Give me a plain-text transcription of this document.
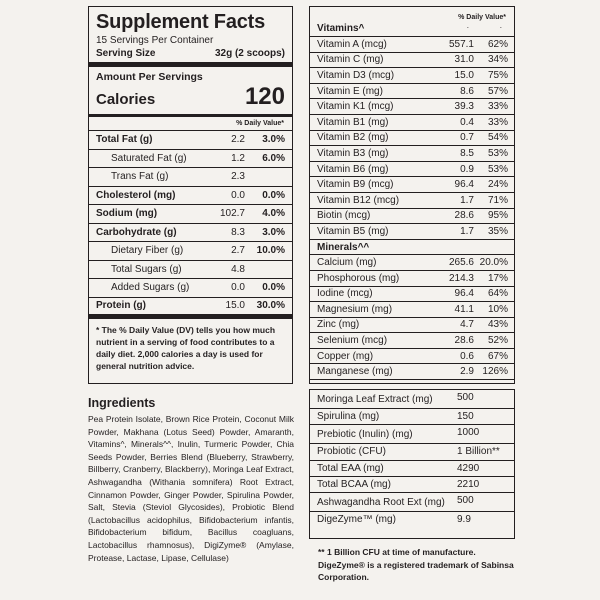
Supplement Facts
15 Servings Per Container
Serving Size	32g (2 scoops)
Amount Per Servings
Calories	120
% Daily Value*
Total Fat (g)	2.2	3.0%
Saturated Fat (g)	1.2	6.0%
Trans Fat (g)	2.3
Cholesterol (mg)	0.0	0.0%
Sodium (mg)	102.7	4.0%
Carbohydrate (g)	8.3	3.0%
Dietary Fiber (g)	2.7	10.0%
Total Sugars (g)	4.8
Added Sugars (g)	0.0	0.0%
Protein (g)	15.0	30.0%
* The % Daily Value (DV) tells you how much nutrient in a serving of food contributes to a daily diet. 2,000 calories a day is used for general nutrition advice.
Ingredients
Pea Protein Isolate, Brown Rice Protein, Coconut Milk Powder, Makhana (Lotus Seed) Powder, Amaranth, Vitamins^, Minerals^^, Inulin, Turmeric Powder, Chia Seeds Powder, Berries Blend (Blueberry, Strawberry, Billberry, Cranberry, Blackberry), Moringa Leaf Extract, Ashwagandha (Withania somnifera) Root Extract, Cinnamon Powder, Ginger Powder, Spirulina Powder, Salt, Stevia (Steviol Glycosides), Probiotic Blend (Lactobacillus acidophilus, Bifidobacterium infantis, Bifidobacterium bifidum, Bacillus coagluans, Lactobacillus rhamnosus), DigiZyme® (Amylase, Protease, Lactase, Lipase, Cellulase)
% Daily Value*
.	.
Vitamins^
Vitamin A (mcg)	557.1	62%
Vitamin C (mg)	31.0	34%
Vitamin D3 (mcg)	15.0	75%
Vitamin E (mg)	8.6	57%
Vitamin K1 (mcg)	39.3	33%
Vitamin B1 (mg)	0.4	33%
Vitamin B2 (mg)	0.7	54%
Vitamin B3 (mg)	8.5	53%
Vitamin B6 (mg)	0.9	53%
Vitamin B9 (mcg)	96.4	24%
Vitamin B12 (mcg)	1.7	71%
Biotin (mcg)	28.6	95%
Vitamin B5 (mg)	1.7	35%
Minerals^^
Calcium (mg)	265.6 20.0%
Phosphorous (mg)	214.3	17%
Iodine (mcg)	96.4	64%
Magnesium (mg)	41.1	10%
Zinc (mg)	4.7	43%
Selenium (mcg)	28.6	52%
Copper (mg)	0.6	67%
Manganese (mg)	2.9 126%
Moringa Leaf Extract (mg)	500
Spirulina (mg)	150
Prebiotic (Inulin) (mg)	1000
Probiotic (CFU)	1 Billion**
Total EAA (mg)	4290
Total BCAA (mg)	2210
Ashwagandha Root Ext (mg)	500
DigeZyme™ (mg)	9.9
** 1 Billion CFU at time of manufacture. DigeZyme® is a registered trademark of Sabinsa Corporation.
